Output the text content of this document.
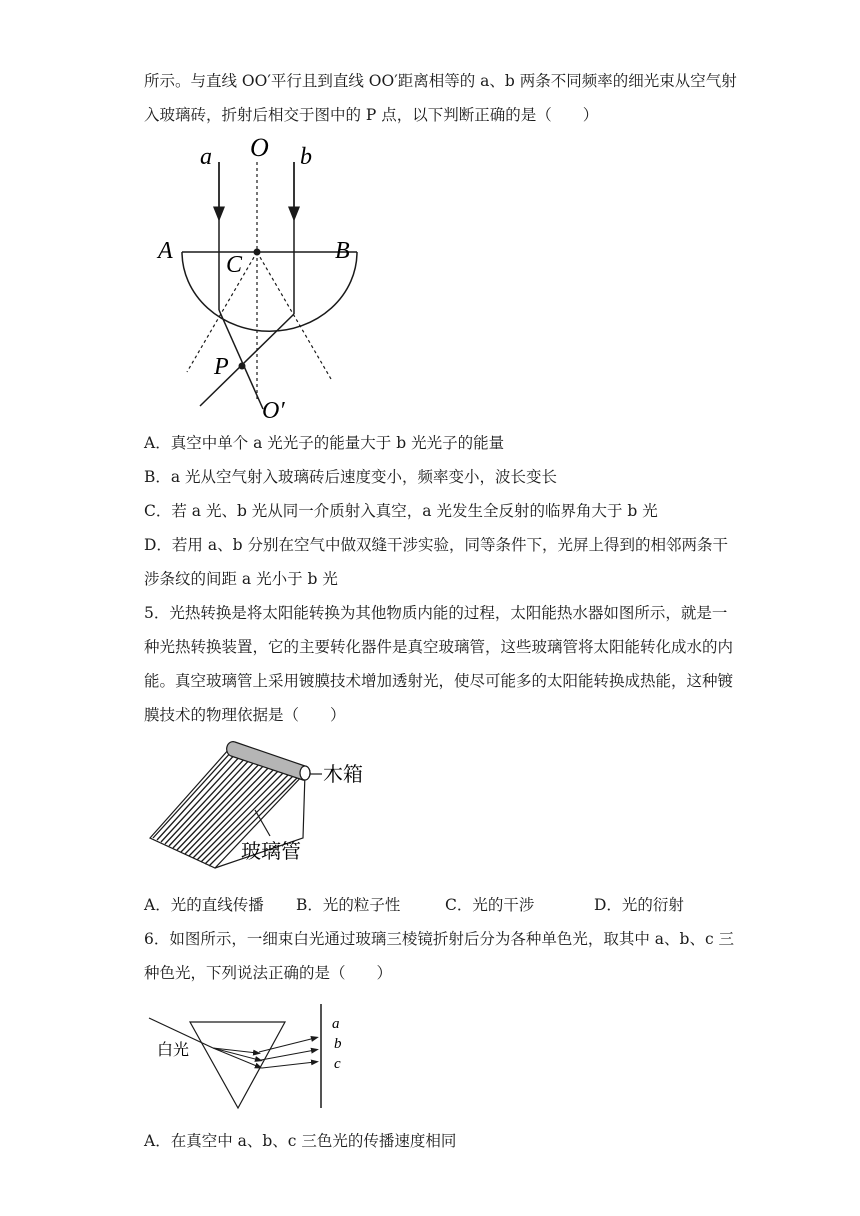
所示。与直线 OO′平行且到直线 OO′距离相等的 a、b 两条不同频率的细光束从空气射
入玻璃砖，折射后相交于图中的 P 点，以下判断正确的是（　　）
a O b
A	B
C
P
O′
A．真空中单个 a 光光子的能量大于 b 光光子的能量
B．a 光从空气射入玻璃砖后速度变小，频率变小，波长变长
C．若 a 光、b 光从同一介质射入真空，a 光发生全反射的临界角大于 b 光
D．若用 a、b 分别在空气中做双缝干涉实验，同等条件下，光屏上得到的相邻两条干
涉条纹的间距 a 光小于 b 光
5．光热转换是将太阳能转换为其他物质内能的过程，太阳能热水器如图所示，就是一
种光热转换装置，它的主要转化器件是真空玻璃管，这些玻璃管将太阳能转化成水的内
能。真空玻璃管上采用镀膜技术增加透射光，使尽可能多的太阳能转换成热能，这种镀
膜技术的物理依据是（　　）
木箱
玻璃管
A．光的直线传播 B．光的粒子性	C．光的干涉	D．光的衍射
6．如图所示，一细束白光通过玻璃三棱镜折射后分为各种单色光，取其中 a、b、c 三
种色光，下列说法正确的是（　　）
白光
a
b
c
A．在真空中 a、b、c 三色光的传播速度相同
